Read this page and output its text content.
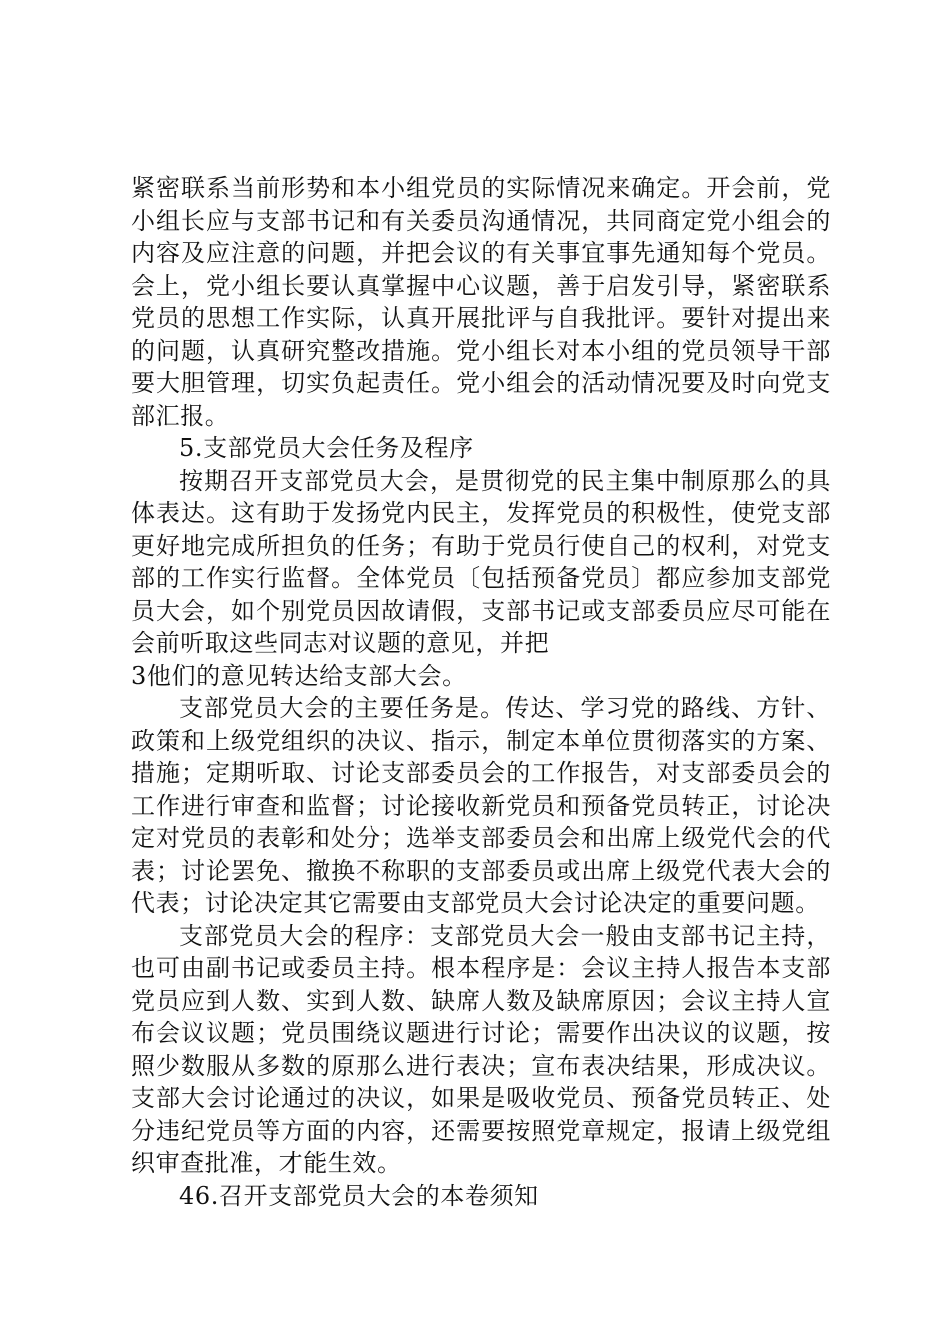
紧密联系当前形势和本小组党员的实际情况来确定。开会前，党小组长应与支部书记和有关委员沟通情况，共同商定党小组会的内容及应注意的问题，并把会议的有关事宜事先通知每个党员。会上，党小组长要认真掌握中心议题，善于启发引导，紧密联系党员的思想工作实际，认真开展批评与自我批评。要针对提出来的问题，认真研究整改措施。党小组长对本小组的党员领导干部要大胆管理，切实负起责任。党小组会的活动情况要及时向党支部汇报。

5.支部党员大会任务及程序

按期召开支部党员大会，是贯彻党的民主集中制原那么的具体表达。这有助于发扬党内民主，发挥党员的积极性，使党支部更好地完成所担负的任务；有助于党员行使自己的权利，对党支部的工作实行监督。全体党员〔包括预备党员〕都应参加支部党员大会，如个别党员因故请假，支部书记或支部委员应尽可能在会前听取这些同志对议题的意见，并把

3他们的意见转达给支部大会。

支部党员大会的主要任务是。传达、学习党的路线、方针、政策和上级党组织的决议、指示，制定本单位贯彻落实的方案、措施；定期听取、讨论支部委员会的工作报告，对支部委员会的工作进行审查和监督；讨论接收新党员和预备党员转正，讨论决定对党员的表彰和处分；选举支部委员会和出席上级党代会的代表；讨论罢免、撤换不称职的支部委员或出席上级党代表大会的代表；讨论决定其它需要由支部党员大会讨论决定的重要问题。

支部党员大会的程序：支部党员大会一般由支部书记主持，也可由副书记或委员主持。根本程序是：会议主持人报告本支部党员应到人数、实到人数、缺席人数及缺席原因；会议主持人宣布会议议题；党员围绕议题进行讨论；需要作出决议的议题，按照少数服从多数的原那么进行表决；宣布表决结果，形成决议。支部大会讨论通过的决议，如果是吸收党员、预备党员转正、处分违纪党员等方面的内容，还需要按照党章规定，报请上级党组织审查批准，才能生效。

46.召开支部党员大会的本卷须知
